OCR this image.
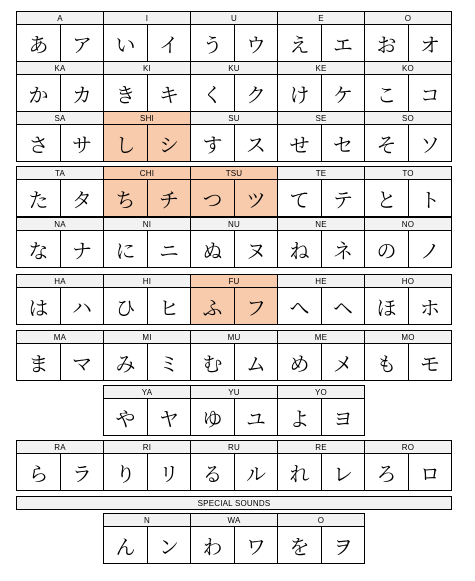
A
あ	ア
I
い	イ
U
う	ウ
E
え	エ
O
お	オ
KA
か	カ
KI
き	キ
KU
く	ク
KE
け	ケ
KO
こ	コ
SA
さ	サ
SHI
し	シ
SU
す	ス
SE
せ	セ
SO
そ	ソ
TA
た	タ
CHI
ち	チ
TSU
つ	ツ
TE
て	テ
TO
と	ト
NA
な	ナ
NI
に	ニ
NU
ぬ	ヌ
NE
ね	ネ
NO
の	ノ
HA
は	ハ
HI
ひ	ヒ
FU
ふ	フ
HE
へ	ヘ
HO
ほ	ホ
MA
ま	マ
MI
み	ミ
MU
む	ム
ME
め	メ
MO
も	モ
YA
や	ヤ
YU
ゆ	ユ
YO
よ	ヨ
RA
ら	ラ
RI
り	リ
RU
る	ル
RE
れ	レ
RO
ろ	ロ
SPECIAL SOUNDS
N
ん	ン
WA
わ	ワ
O
を	ヲ
